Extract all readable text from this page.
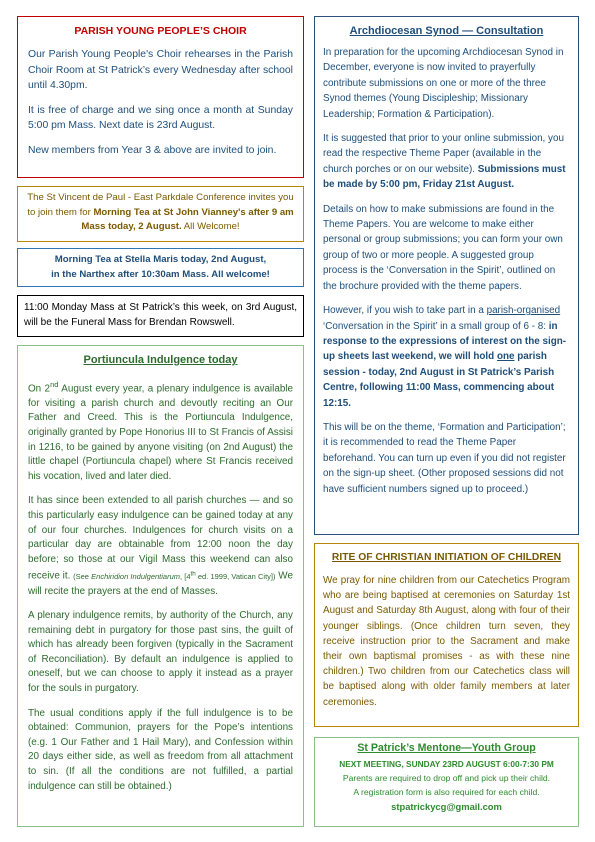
PARISH YOUNG PEOPLE’S CHOIR

Our Parish Young People's Choir rehearses in the Parish Choir Room at St Patrick’s every Wednesday after school until 4.30pm.

It is free of charge and we sing once a month at Sunday 5:00 pm Mass. Next date is 23rd August.

New members from Year 3 & above are invited to join.

The St Vincent de Paul - East Parkdale Conference invites you to join them for Morning Tea at St John Vianney's after 9 am Mass today, 2 August. All Welcome!
Morning Tea at Stella Maris today, 2nd August,
in the Narthex after 10:30am Mass. All welcome!
11:00 Monday Mass at St Patrick’s this week, on 3rd August, will be the Funeral Mass for Brendan Rowswell.
Portiuncula Indulgence today

On 2nd August every year, a plenary indulgence is available for visiting a parish church and devoutly reciting an Our Father and Creed. This is the Portiuncula Indulgence, originally granted by Pope Honorius III to St Francis of Assisi in 1216, to be gained by anyone visiting (on 2nd August) the little chapel (Portiuncula chapel) where St Francis received his vocation, lived and later died.

It has since been extended to all parish churches — and so this particularly easy indulgence can be gained today at any of our four churches. Indulgences for church visits on a particular day are obtainable from 12:00 noon the day before; so those at our Vigil Mass this weekend can also receive it. (See Enchiridion Indulgentiarum, [4th ed. 1999, Vatican City]) We will recite the prayers at the end of Masses.

A plenary indulgence remits, by authority of the Church, any remaining debt in purgatory for those past sins, the guilt of which has already been forgiven (typically in the Sacrament of Reconciliation). By default an indulgence is applied to oneself, but we can choose to apply it instead as a prayer for the souls in purgatory.

The usual conditions apply if the full indulgence is to be obtained: Communion, prayers for the Pope’s intentions (e.g. 1 Our Father and 1 Hail Mary), and Confession within 20 days either side, as well as freedom from all attachment to sin. (If all the conditions are not fulfilled, a partial indulgence can still be obtained.)

Archdiocesan Synod — Consultation

In preparation for the upcoming Archdiocesan Synod in December, everyone is now invited to prayerfully contribute submissions on one or more of the three Synod themes (Young Discipleship; Missionary Leadership; Formation & Participation).

It is suggested that prior to your online submission, you read the respective Theme Paper (available in the church porches or on our website). Submissions must be made by 5:00 pm, Friday 21st August.

Details on how to make submissions are found in the Theme Papers. You are welcome to make either personal or group submissions; you can form your own group of two or more people. A suggested group process is the ‘Conversation in the Spirit’, outlined on the brochure provided with the theme papers.

However, if you wish to take part in a parish-organised ‘Conversation in the Spirit’ in a small group of 6 - 8: in response to the expressions of interest on the sign-up sheets last weekend, we will hold one parish session - today, 2nd August in St Patrick’s Parish Centre, following 11:00 Mass, commencing about 12:15.

This will be on the theme, ‘Formation and Participation’; it is recommended to read the Theme Paper beforehand. You can turn up even if you did not register on the sign-up sheet. (Other proposed sessions did not have sufficient numbers signed up to proceed.)

RITE OF CHRISTIAN INITIATION OF CHILDREN

We pray for nine children from our Catechetics Program who are being baptised at ceremonies on Saturday 1st August and Saturday 8th August, along with four of their younger siblings. (Once children turn seven, they receive instruction prior to the Sacrament and make their own baptismal promises - as with these nine children.) Two children from our Catechetics class will be baptised along with older family members at later ceremonies.

St Patrick’s Mentone—Youth Group
NEXT MEETING, SUNDAY 23RD AUGUST 6:00-7:30 PM
Parents are required to drop off and pick up their child.
A registration form is also required for each child.
stpatrickycg@gmail.com
